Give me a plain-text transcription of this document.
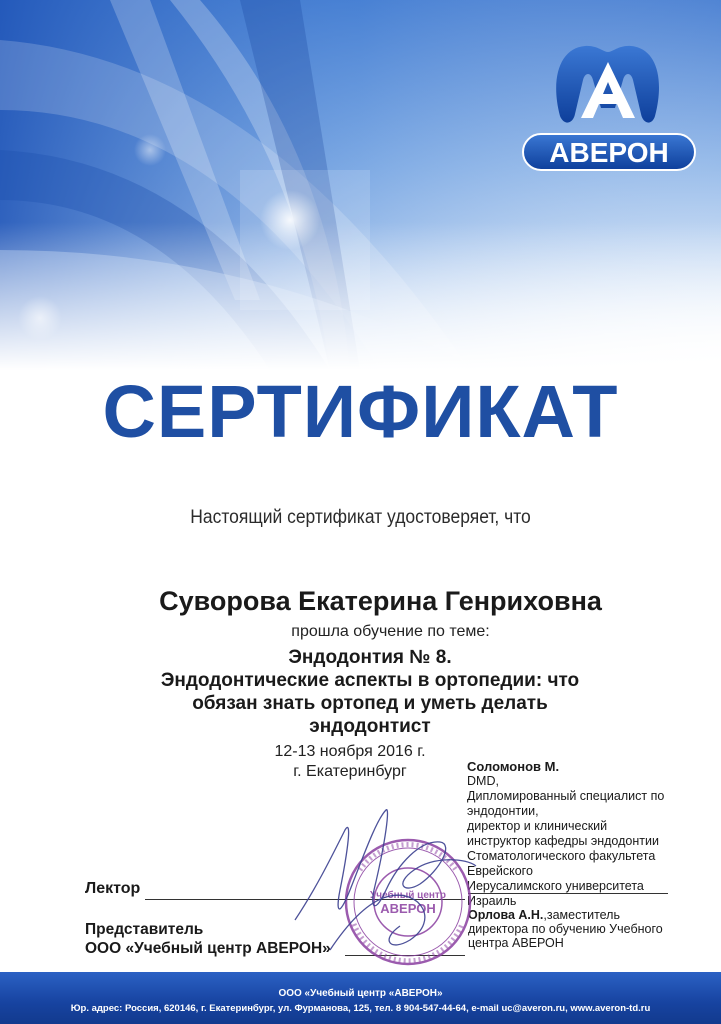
АВЕРОН
СЕРТИФИКАТ
Настоящий сертификат удостоверяет, что
Суворова Екатерина Генриховна
прошла обучение по теме:
Эндодонтия № 8.
Эндодонтические аспекты в ортопедии: что
обязан знать ортопед и уметь делать
эндодонтист
12-13 ноября 2016 г.
г. Екатеринбург	Соломонов М.
DMD,
Дипломированный специалист по
эндодонтии,
директор и клинический
инструктор кафедры эндодонтии
Стоматологического факультета
Еврейского
Иерусалимского университета
Израиль
Лектор
Представитель
ООО «Учебный центр АВЕРОН»
Орлова А.Н.,заместитель
директора по обучению Учебного
центра АВЕРОН
Учебный центр
АВЕРОН
ООО «Учебный центр «АВЕРОН»
Юр. адрес: Россия, 620146, г. Екатеринбург, ул. Фурманова, 125, тел. 8 904-547-44-64, e-mail uc@averon.ru, www.averon-td.ru
